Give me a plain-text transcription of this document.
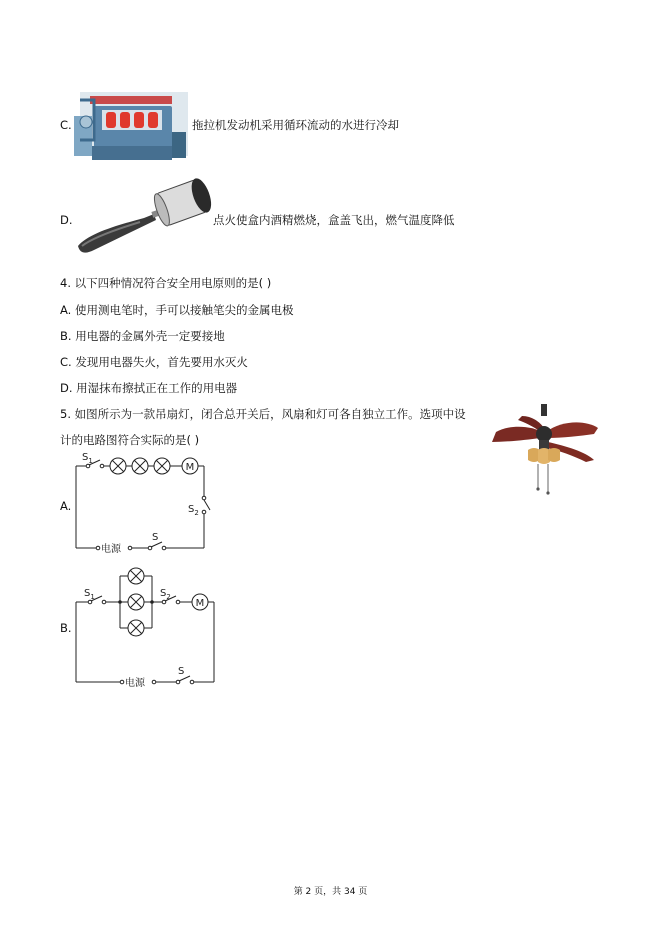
C.	拖拉机发动机采用循环流动的水进行冷却
D.	点火使盒内酒精燃烧，盒盖飞出，燃气温度降低
4. 以下四种情况符合安全用电原则的是( )
A. 使用测电笔时，手可以接触笔尖的金属电极
B. 用电器的金属外壳一定要接地
C. 发现用电器失火，首先要用水灭火
D. 用湿抹布擦拭正在工作的用电器
5. 如图所示为一款吊扇灯，闭合总开关后，风扇和灯可各自独立工作。选项中设
计的电路图符合实际的是( )
A.
M
电源
$S_1$
$S_2$
S
B.
M
电源
$S_1$	$S_2$
S
第 2 页，共 34 页
